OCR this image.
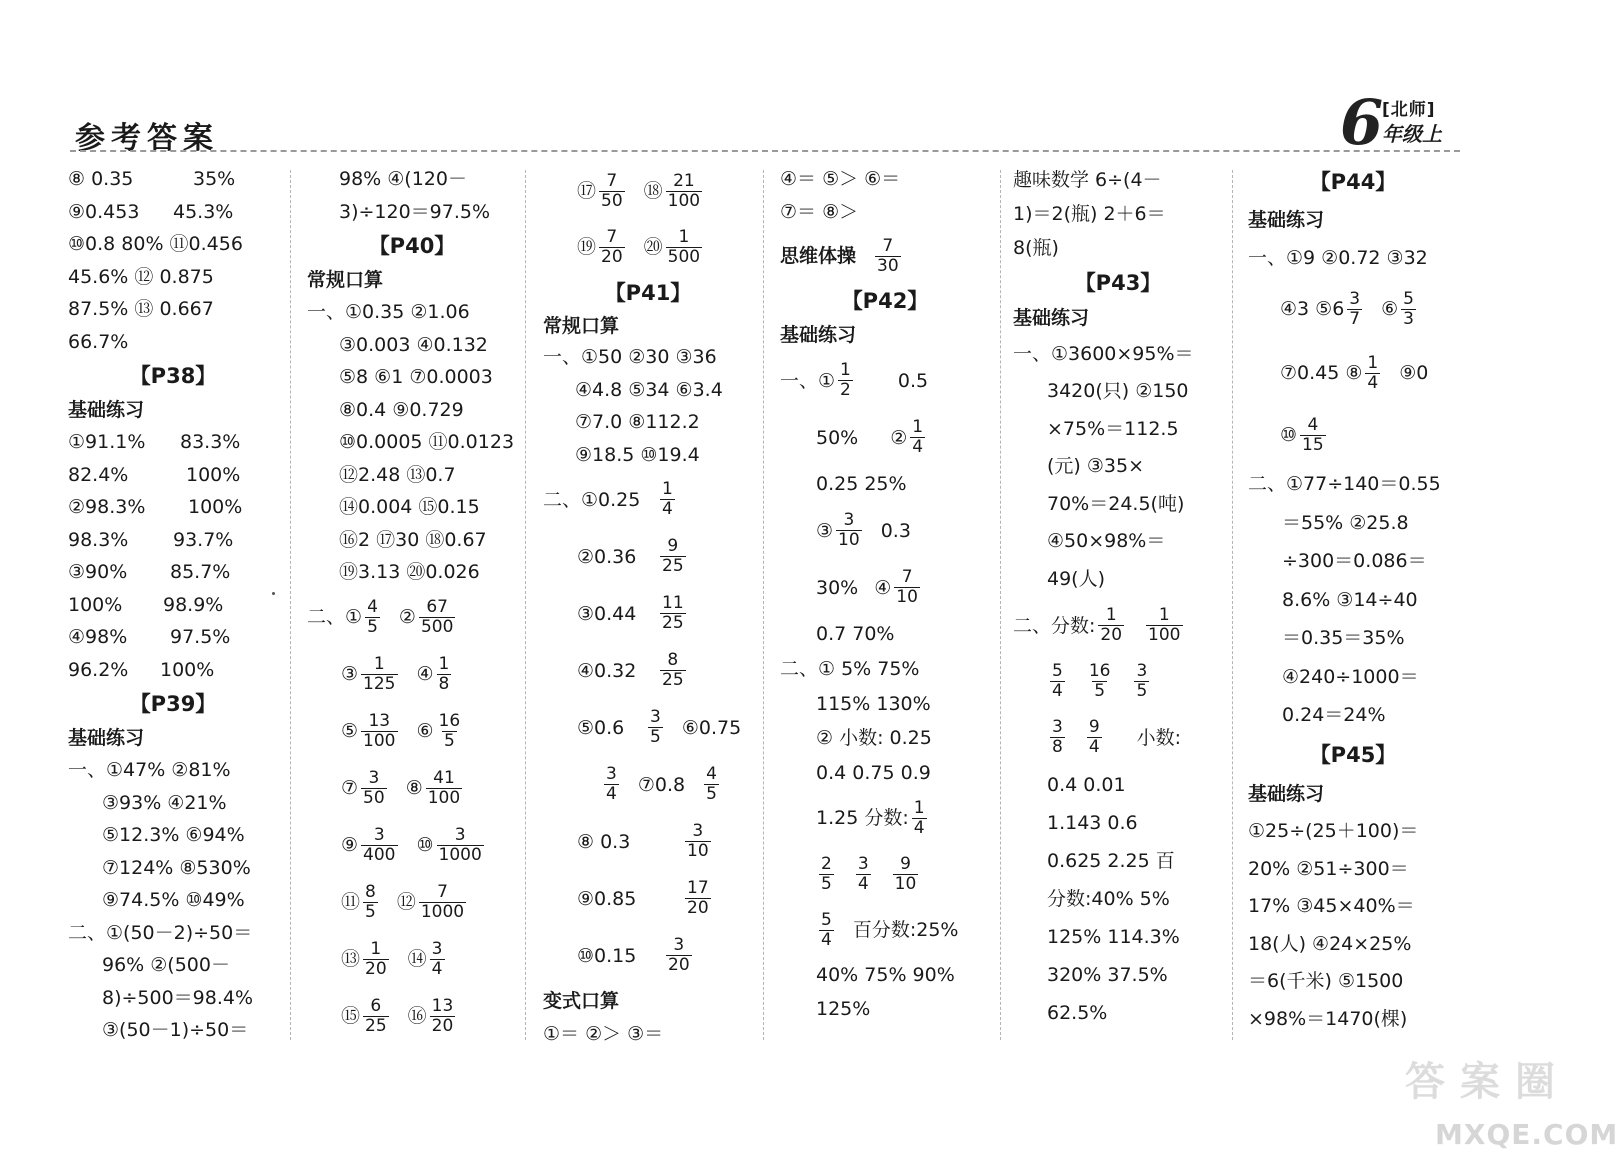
参考答案	6
[北师]
年级上
⑧ 0.35	35%
⑨0.453	45.3%
⑩0.8 80% ⑪0.456
45.6% ⑫ 0.875
87.5% ⑬ 0.667
66.7%
【P38】
基础练习
①91.1%	83.3%
82.4%	100%
②98.3%	100%
98.3%	93.7%
③90%	85.7%
100%	98.9%
④98%	97.5%
96.2%	100%
【P39】
基础练习
一、①47% ②81%
③93% ④21%
⑤12.3% ⑥94%
⑦124% ⑧530%
⑨74.5% ⑩49%
二、①(50－2)÷50＝
96% ②(500－
8)÷500＝98.4%
③(50－1)÷50＝
98% ④(120－
3)÷120＝97.5%
【P40】
常规口算
一、①0.35 ②1.06
③0.003 ④0.132
⑤8 ⑥1 ⑦0.0003
⑧0.4 ⑨0.729
⑩0.0005 ⑪0.0123
⑫2.48 ⑬0.7
⑭0.004 ⑮0.15
⑯2 ⑰30 ⑱0.67
⑲3.13 ⑳0.026
二、 ① $\frac{4}{5}$ ② $\frac{67}{500}$
③ $\frac{1}{125}$ ④ $\frac{1}{8}$
⑤ $\frac{13}{100}$ ⑥ $\frac{16}{5}$
⑦ $\frac{3}{50}$ ⑧ $\frac{41}{100}$
⑨ $\frac{3}{400}$ ⑩ $\frac{3}{1000}$
⑪ $\frac{8}{5}$ ⑫ $\frac{7}{1000}$
⑬ $\frac{1}{20}$ ⑭ $\frac{3}{4}$
⑮ $\frac{6}{25}$ ⑯ $\frac{13}{20}$
⑰ $\frac{7}{50}$ ⑱ $\frac{21}{100}$
⑲ $\frac{7}{20}$ ⑳ $\frac{1}{500}$
【P41】
常规口算
一、①50 ②30 ③36
④4.8 ⑤34 ⑥3.4
⑦7.0 ⑧112.2
⑨18.5 ⑩19.4
二、①0.25	$\frac{1}{4}$
②0.36	$\frac{9}{25}$
③0.44	$\frac{11}{25}$
④0.32	$\frac{8}{25}$
⑤0.6	$\frac{3}{5}$ ⑥0.75
$\frac{3}{4}$ ⑦0.8 $\frac{4}{5}$
⑧ 0.3	$\frac{3}{10}$
⑨0.85	$\frac{17}{20}$
⑩0.15	$\frac{3}{20}$
变式口算
①＝ ②＞ ③＝
④＝ ⑤＞ ⑥＝
⑦＝ ⑧＞
思维体操 $\frac{7}{30}$
【P42】
基础练习
一、① $\frac{1}{2} 0.5$
50% ② $\frac{1}{4}$
0.25 25%
③ $\frac{3}{10} 0.3$
30% ④ $\frac{7}{10}$
0.7 70%
二、① 5% 75%
115% 130%
② 小数: 0.25
0.4 0.75 0.9
1.25 分数: $\frac{1}{4}$
$\frac{2}{5} \frac{3}{4} \frac{9}{10}$
$\frac{5}{4}$ 百分数:25%
40% 75% 90%
125%
趣味数学 6÷(4－
1)＝2(瓶) 2＋6＝
8(瓶)
【P43】
基础练习
一、①3600×95%＝
3420(只) ②150
×75%＝112.5
(元) ③35×
70%＝24.5(吨)
④50×98%＝
49(人)
二、分数: $\frac{1}{20} \frac{1}{100}$
$\frac{5}{4} \frac{16}{5} \frac{3}{5}$
$\frac{3}{8} \frac{9}{4}$ 小数:
0.4 0.01
1.143 0.6
0.625 2.25 百
分数:40% 5%
125% 114.3%
320% 37.5%
62.5%
【P44】
基础练习
一、①9 ②0.72 ③32
④3 ⑤6 $\frac{3}{7}$ ⑥ $\frac{5}{3}$
⑦0.45 ⑧ $\frac{1}{4}$ ⑨0
⑩ $\frac{4}{15}$
二、①77÷140＝0.55
＝55% ②25.8
÷300＝0.086＝
8.6% ③14÷40
＝0.35＝35%
④240÷1000＝
0.24＝24%
【P45】
基础练习
①25÷(25＋100)＝
20% ②51÷300＝
17% ③45×40%＝
18(人) ④24×25%
＝6(千米) ⑤1500
×98%＝1470(棵)
答 案 圈
MXQE.COM
